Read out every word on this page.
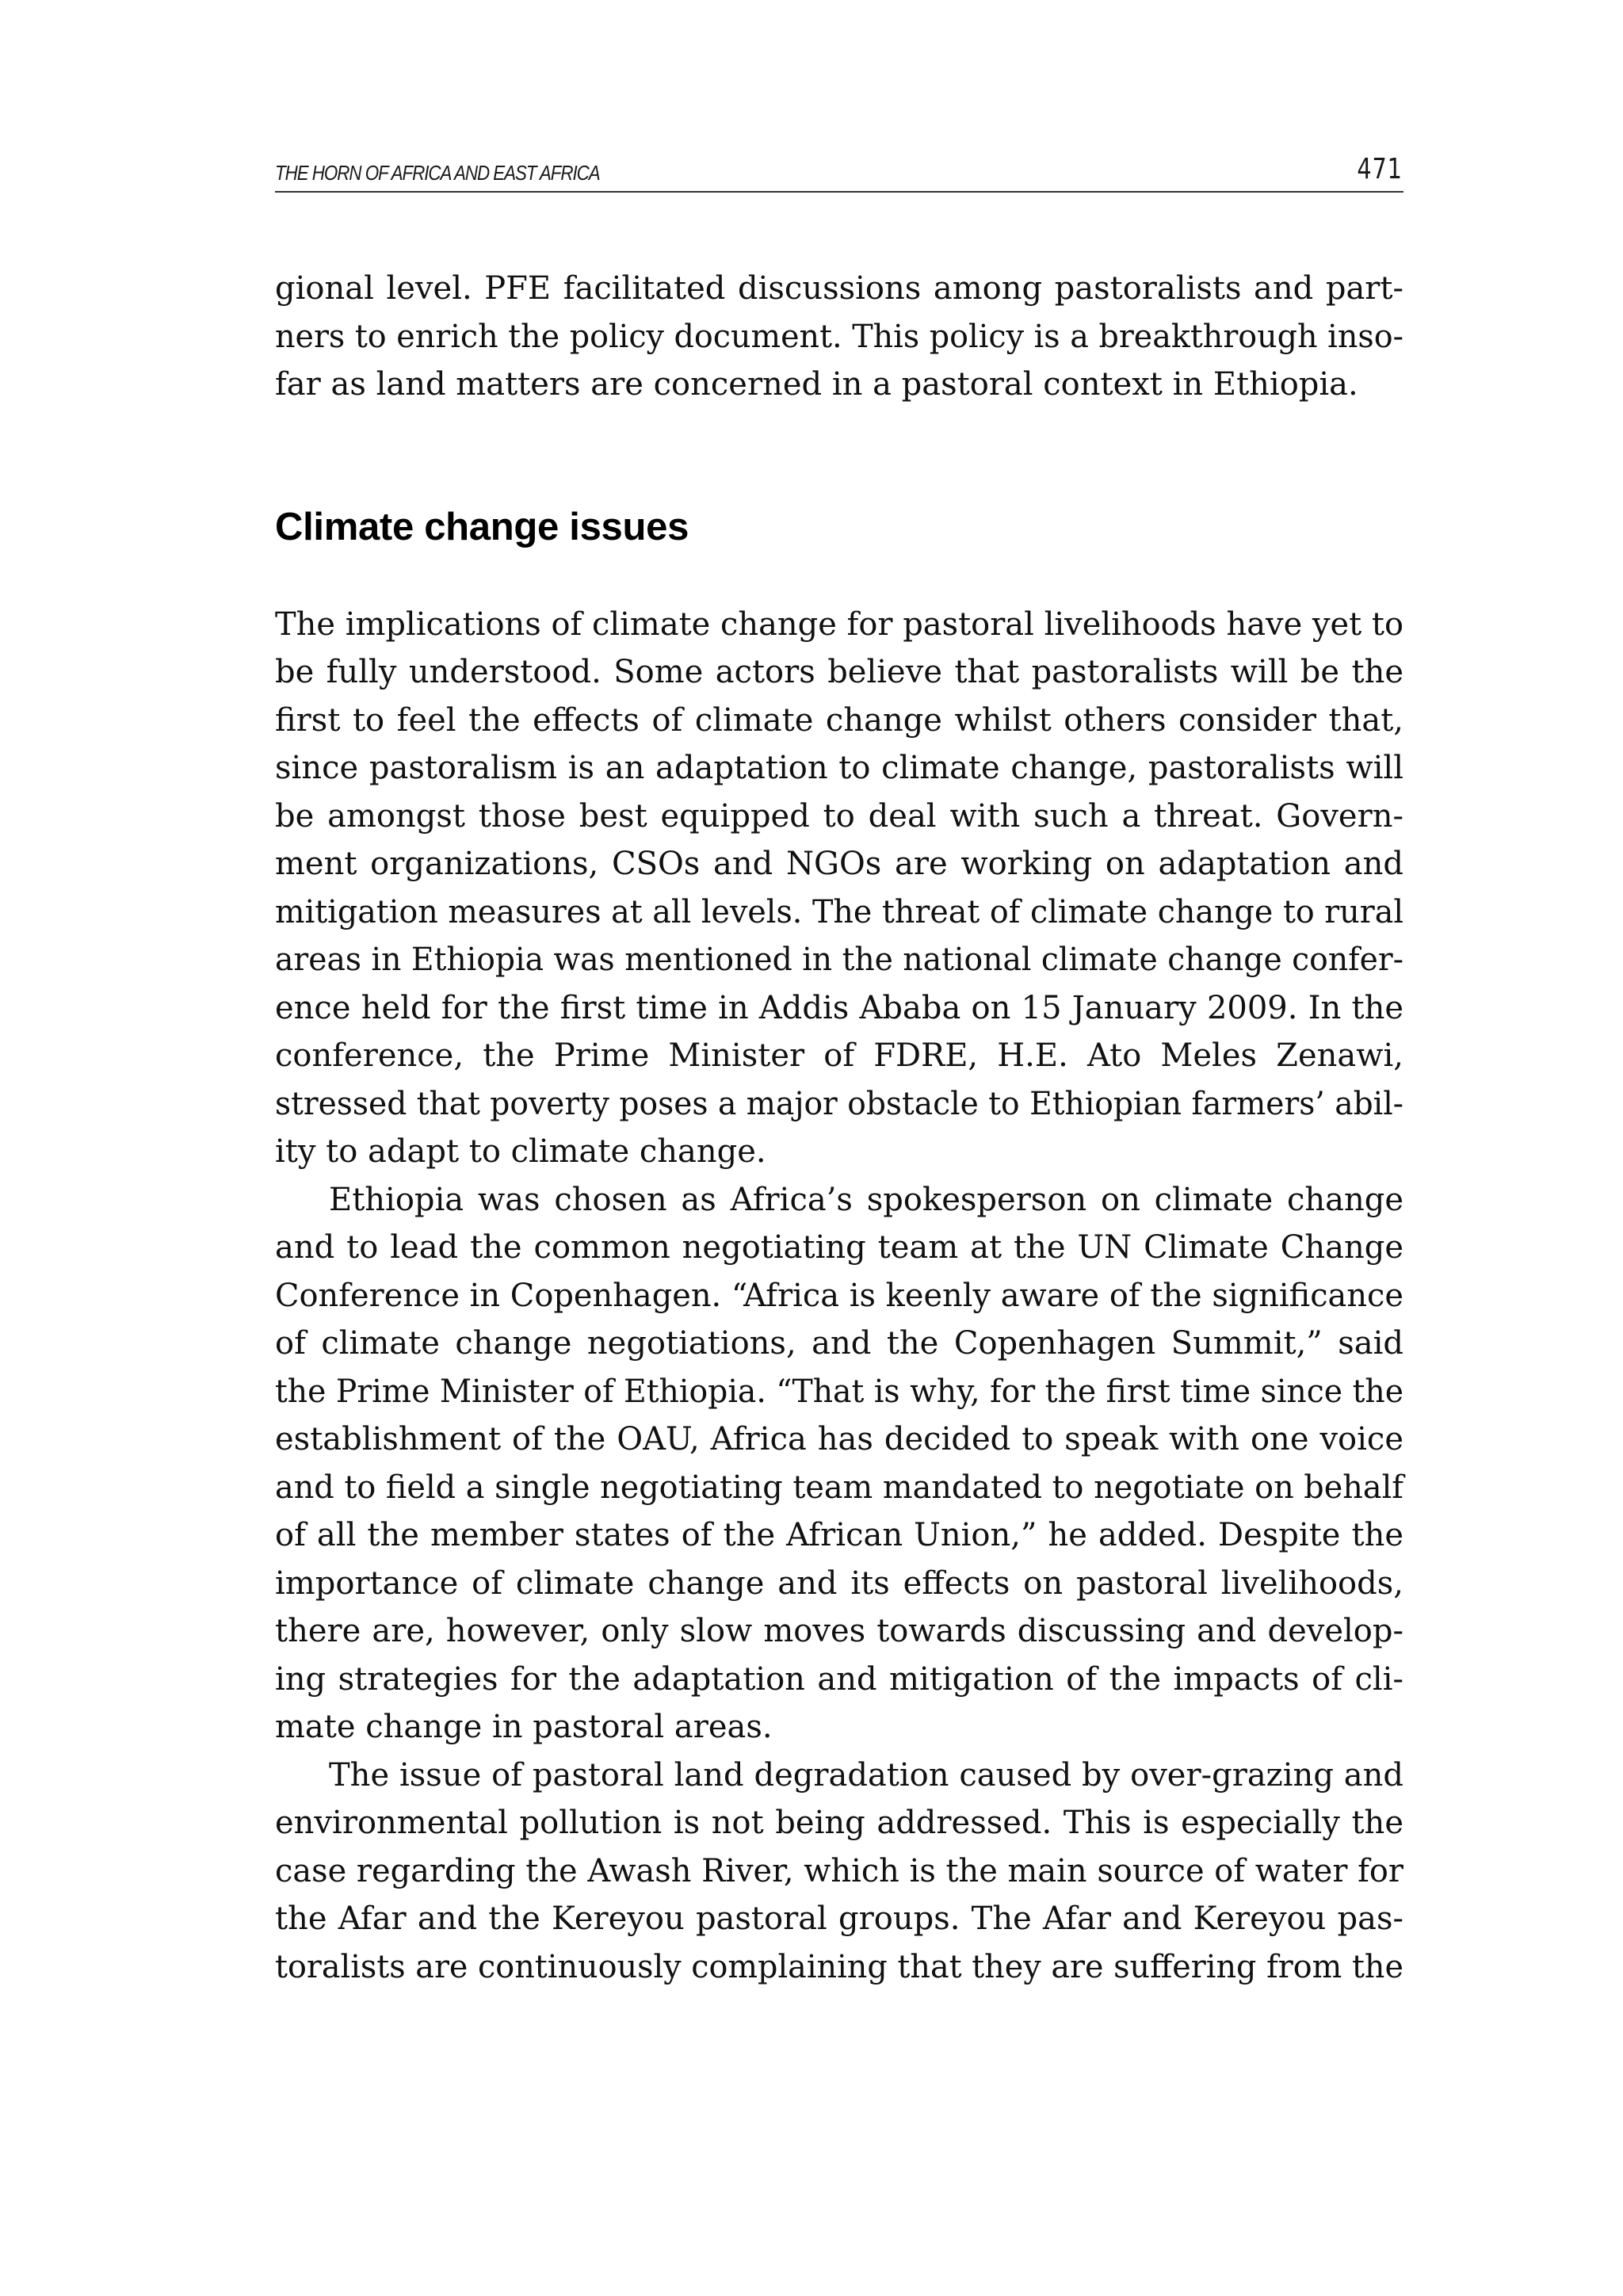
THE HORN OF AFRICA AND EAST AFRICA	471
gional level. PFE facilitated discussions among pastoralists and part-
ners to enrich the policy document. This policy is a breakthrough inso-
far as land matters are concerned in a pastoral context in Ethiopia.
Climate change issues
The implications of climate change for pastoral livelihoods have yet to
be fully understood. Some actors believe that pastoralists will be the
first to feel the effects of climate change whilst others consider that,
since pastoralism is an adaptation to climate change, pastoralists will
be amongst those best equipped to deal with such a threat. Govern-
ment organizations, CSOs and NGOs are working on adaptation and
mitigation measures at all levels. The threat of climate change to rural
areas in Ethiopia was mentioned in the national climate change confer-
ence held for the first time in Addis Ababa on 15 January 2009. In the
conference, the Prime Minister of FDRE, H.E. Ato Meles Zenawi,
stressed that poverty poses a major obstacle to Ethiopian farmers’ abil-
ity to adapt to climate change.
Ethiopia was chosen as Africa’s spokesperson on climate change
and to lead the common negotiating team at the UN Climate Change
Conference in Copenhagen. “Africa is keenly aware of the significance
of climate change negotiations, and the Copenhagen Summit,” said
the Prime Minister of Ethiopia. “That is why, for the first time since the
establishment of the OAU, Africa has decided to speak with one voice
and to field a single negotiating team mandated to negotiate on behalf
of all the member states of the African Union,” he added. Despite the
importance of climate change and its effects on pastoral livelihoods,
there are, however, only slow moves towards discussing and develop-
ing strategies for the adaptation and mitigation of the impacts of cli-
mate change in pastoral areas.
The issue of pastoral land degradation caused by over-grazing and
environmental pollution is not being addressed. This is especially the
case regarding the Awash River, which is the main source of water for
the Afar and the Kereyou pastoral groups. The Afar and Kereyou pas-
toralists are continuously complaining that they are suffering from the
